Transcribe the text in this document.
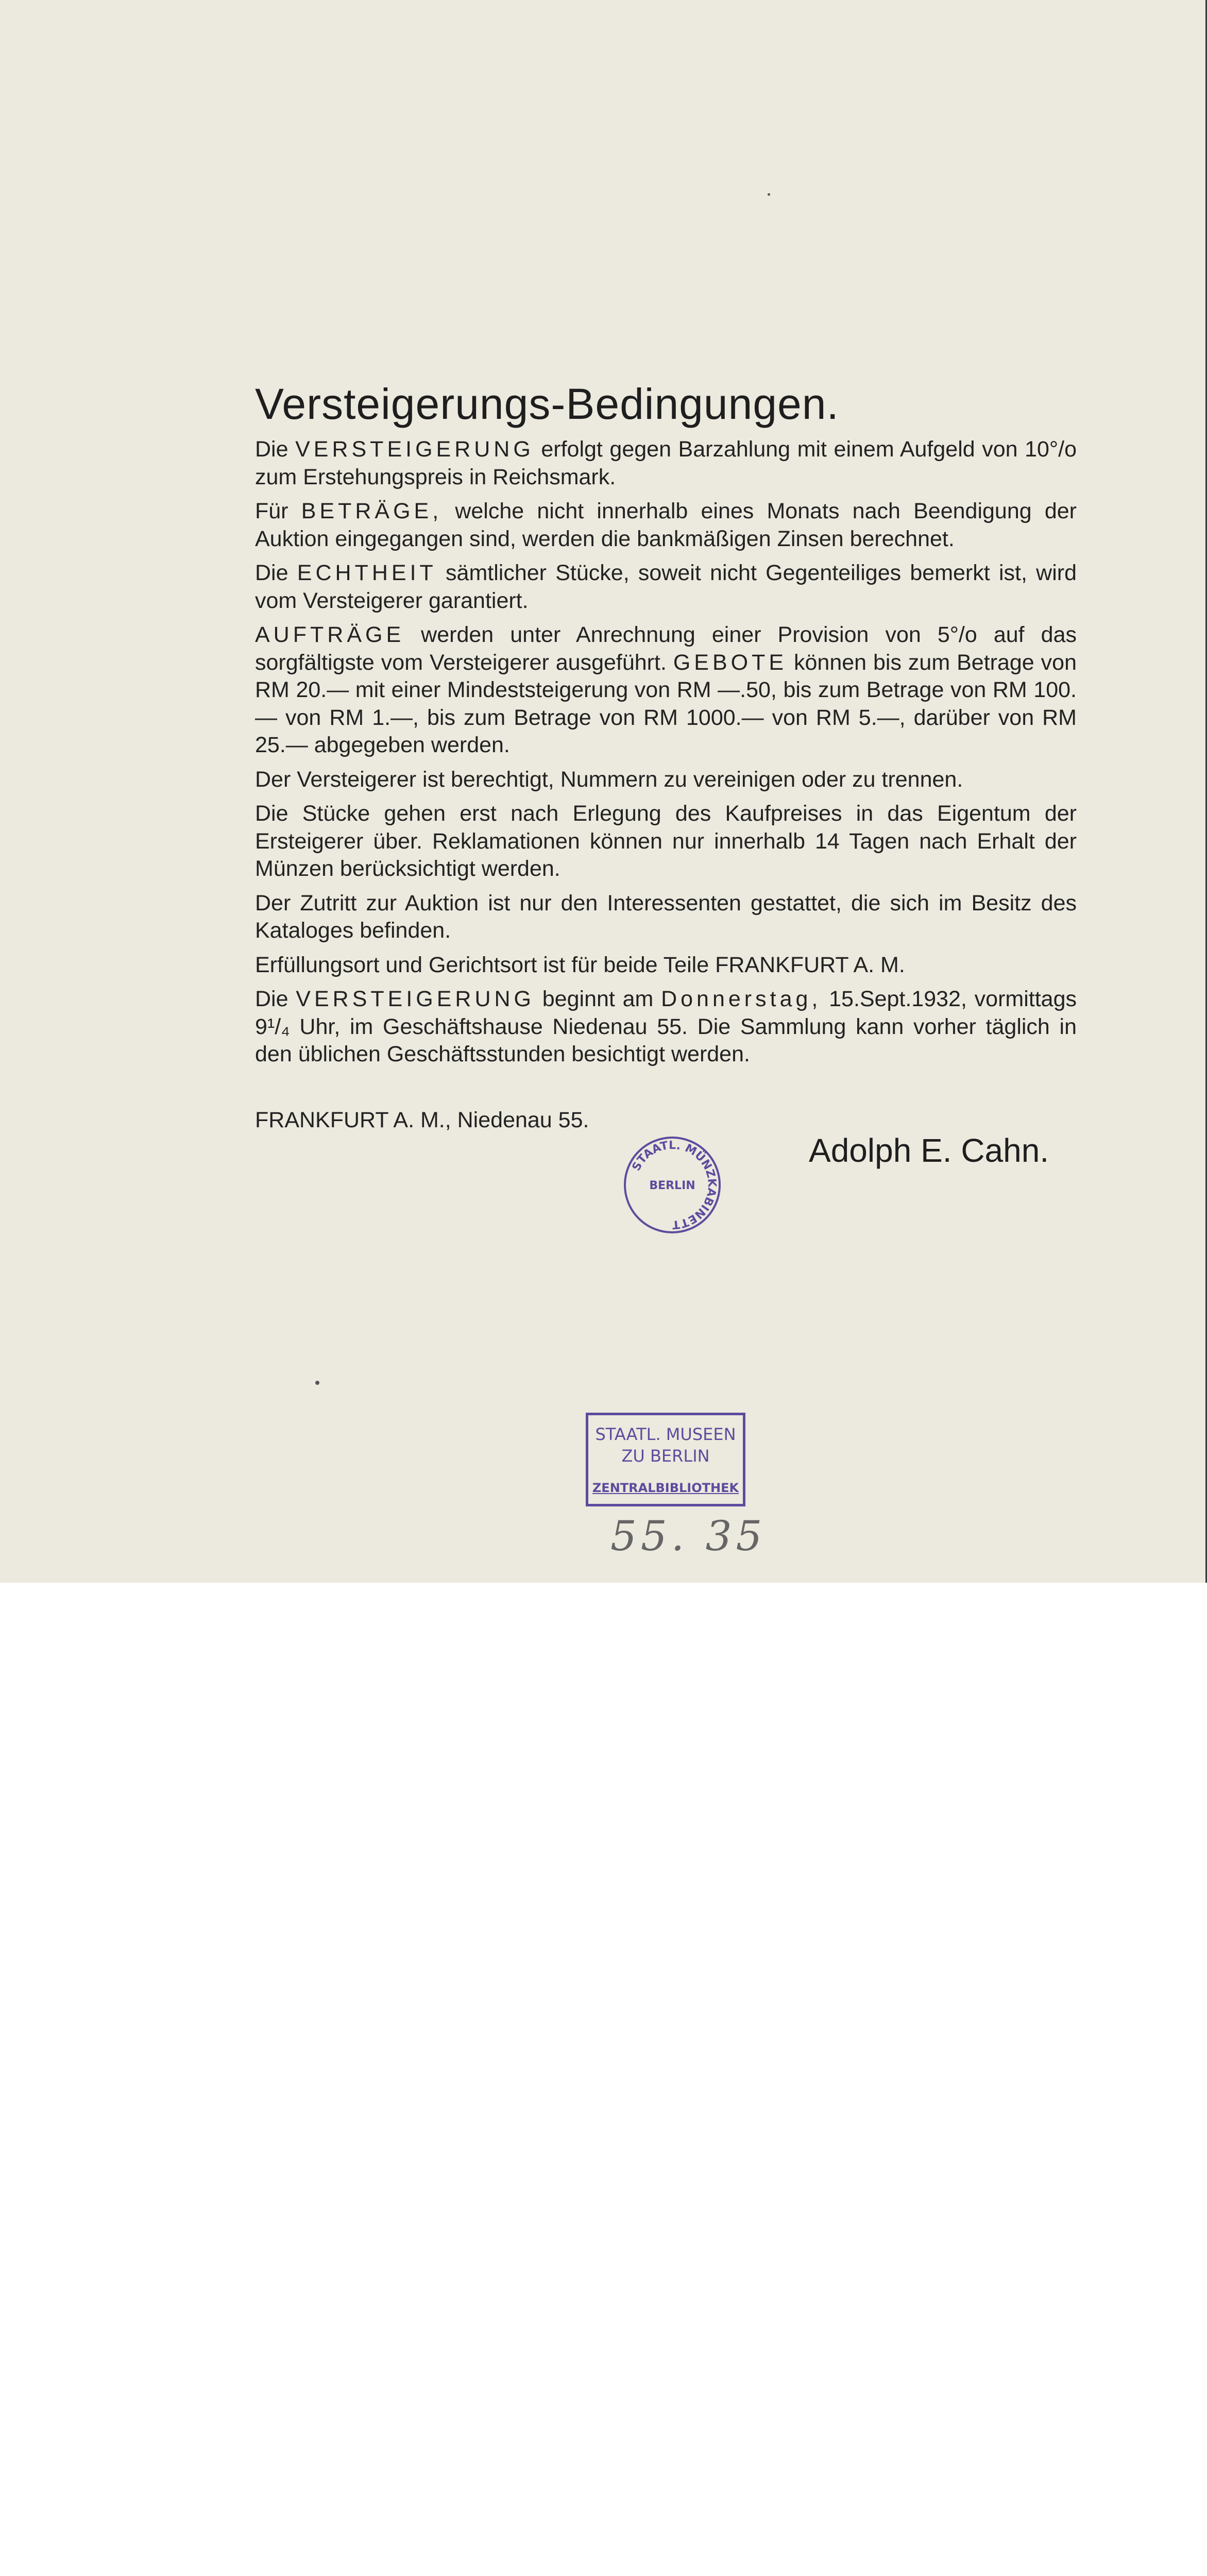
Versteigerungs-Bedingungen.

Die VERSTEIGERUNG erfolgt gegen Barzahlung mit einem Aufgeld von 10°/o zum Erstehungspreis in Reichsmark.

Für BETRÄGE, welche nicht innerhalb eines Monats nach Beendigung der Auktion eingegangen sind, werden die bankmäßigen Zinsen berechnet.

Die ECHTHEIT sämtlicher Stücke, soweit nicht Gegenteiliges bemerkt ist, wird vom Versteigerer garantiert.

AUFTRÄGE werden unter Anrechnung einer Provision von 5°/o auf das sorgfältigste vom Versteigerer ausgeführt. GEBOTE können bis zum Betrage von RM 20.— mit einer Mindeststeigerung von RM —.50, bis zum Betrage von RM 100.— von RM 1.—, bis zum Betrage von RM 1000.— von RM 5.—, darüber von RM 25.— abgegeben werden.

Der Versteigerer ist berechtigt, Nummern zu vereinigen oder zu trennen.

Die Stücke gehen erst nach Erlegung des Kaufpreises in das Eigentum der Ersteigerer über. Reklamationen können nur innerhalb 14 Tagen nach Erhalt der Münzen berücksichtigt werden.

Der Zutritt zur Auktion ist nur den Interessenten gestattet, die sich im Besitz des Kataloges befinden.

Erfüllungsort und Gerichtsort ist für beide Teile FRANKFURT A. M.

Die VERSTEIGERUNG beginnt am Donnerstag, 15.Sept.1932, vormittags 9¹/₄ Uhr, im Geschäftshause Niedenau 55. Die Sammlung kann vorher täglich in den üblichen Geschäftsstunden besichtigt werden.

FRANKFURT A. M., Niedenau 55.
Adolph E. Cahn.
STAATL. MÜNZKABINETT
BERLIN
STAATL. MUSEEN
ZU BERLIN
ZENTRALBIBLIOTHEK
55. 35
